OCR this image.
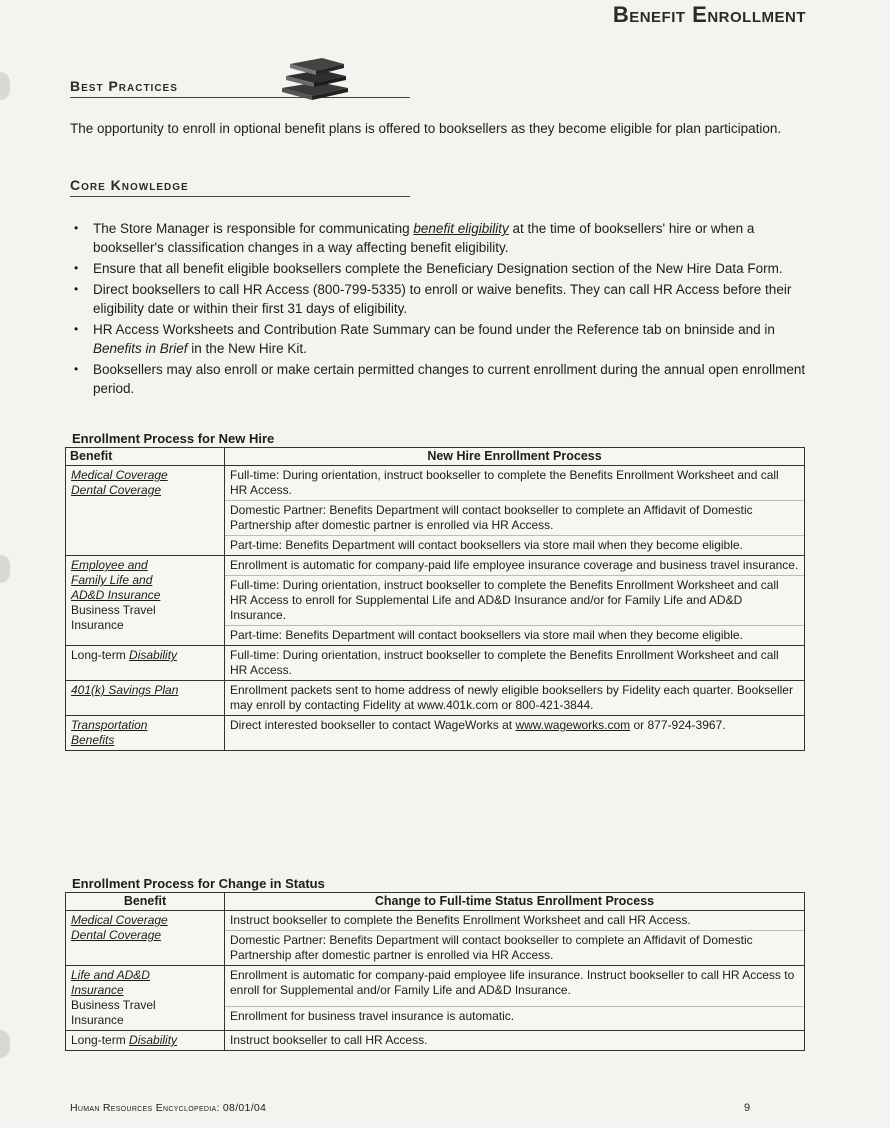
Benefit Enrollment
Best Practices
The opportunity to enroll in optional benefit plans is offered to booksellers as they become eligible for plan participation.
Core Knowledge
• The Store Manager is responsible for communicating benefit eligibility at the time of booksellers' hire or when a bookseller's classification changes in a way affecting benefit eligibility.
• Ensure that all benefit eligible booksellers complete the Beneficiary Designation section of the New Hire Data Form.
• Direct booksellers to call HR Access (800-799-5335) to enroll or waive benefits. They can call HR Access before their eligibility date or within their first 31 days of eligibility.
• HR Access Worksheets and Contribution Rate Summary can be found under the Reference tab on bninside and in Benefits in Brief in the New Hire Kit.
• Booksellers may also enroll or make certain permitted changes to current enrollment during the annual open enrollment period.
Enrollment Process for New Hire
Benefit	New Hire Enrollment Process

Medical Coverage
Dental Coverage	Full-time: During orientation, instruct bookseller to complete the Benefits Enrollment Worksheet and call HR Access.
	Domestic Partner: Benefits Department will contact bookseller to complete an Affidavit of Domestic Partnership after domestic partner is enrolled via HR Access.
	Part-time: Benefits Department will contact booksellers via store mail when they become eligible.

Employee and
Family Life and
AD&D Insurance
Business Travel
Insurance	Enrollment is automatic for company-paid life employee insurance coverage and business travel insurance.
	Full-time: During orientation, instruct bookseller to complete the Benefits Enrollment Worksheet and call HR Access to enroll for Supplemental Life and AD&D Insurance and/or for Family Life and AD&D Insurance.
	Part-time: Benefits Department will contact booksellers via store mail when they become eligible.
Long-term Disability	Full-time: During orientation, instruct bookseller to complete the Benefits Enrollment Worksheet and call HR Access.
401(k) Savings Plan	Enrollment packets sent to home address of newly eligible booksellers by Fidelity each quarter. Bookseller may enroll by contacting Fidelity at www.401k.com or 800-421-3844.

Transportation
Benefits	Direct interested bookseller to contact WageWorks at www.wageworks.com or 877-924-3967.
Enrollment Process for Change in Status
Benefit	Change to Full-time Status Enrollment Process

Medical Coverage
Dental Coverage	Instruct bookseller to complete the Benefits Enrollment Worksheet and call HR Access.
	Domestic Partner: Benefits Department will contact bookseller to complete an Affidavit of Domestic Partnership after domestic partner is enrolled via HR Access.

Life and AD&D
Insurance
Business Travel
Insurance	Enrollment is automatic for company-paid employee life insurance. Instruct bookseller to call HR Access to enroll for Supplemental and/or Family Life and AD&D Insurance.
	Enrollment for business travel insurance is automatic.
Long-term Disability	Instruct bookseller to call HR Access.
Human Resources Encyclopedia: 08/01/04	9
